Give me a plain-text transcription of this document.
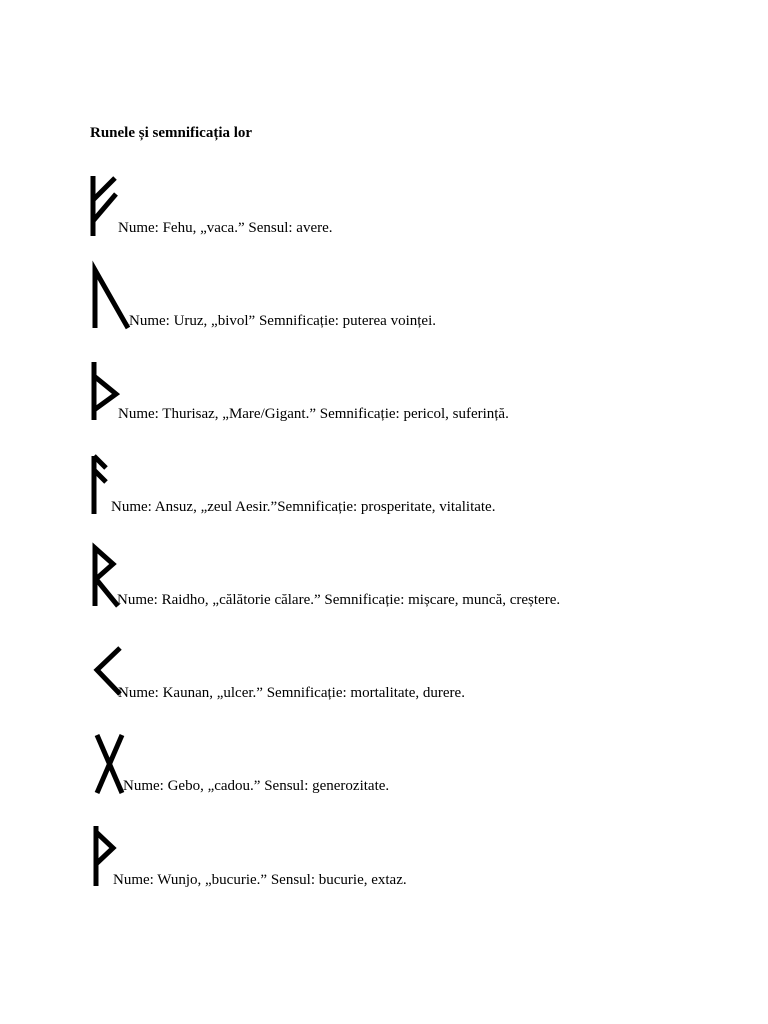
Runele și semnificația lor
Nume: Fehu, „vaca.” Sensul: avere.
Nume: Uruz, „bivol” Semnificație: puterea voinței.
Nume: Thurisaz, „Mare/Gigant.” Semnificație: pericol, suferință.
Nume: Ansuz, „zeul Aesir.”Semnificație: prosperitate, vitalitate.
Nume: Raidho, „călătorie călare.” Semnificație: mișcare, muncă, creștere.
Nume: Kaunan, „ulcer.” Semnificație: mortalitate, durere.
Nume: Gebo, „cadou.” Sensul: generozitate.
Nume: Wunjo, „bucurie.” Sensul: bucurie, extaz.
